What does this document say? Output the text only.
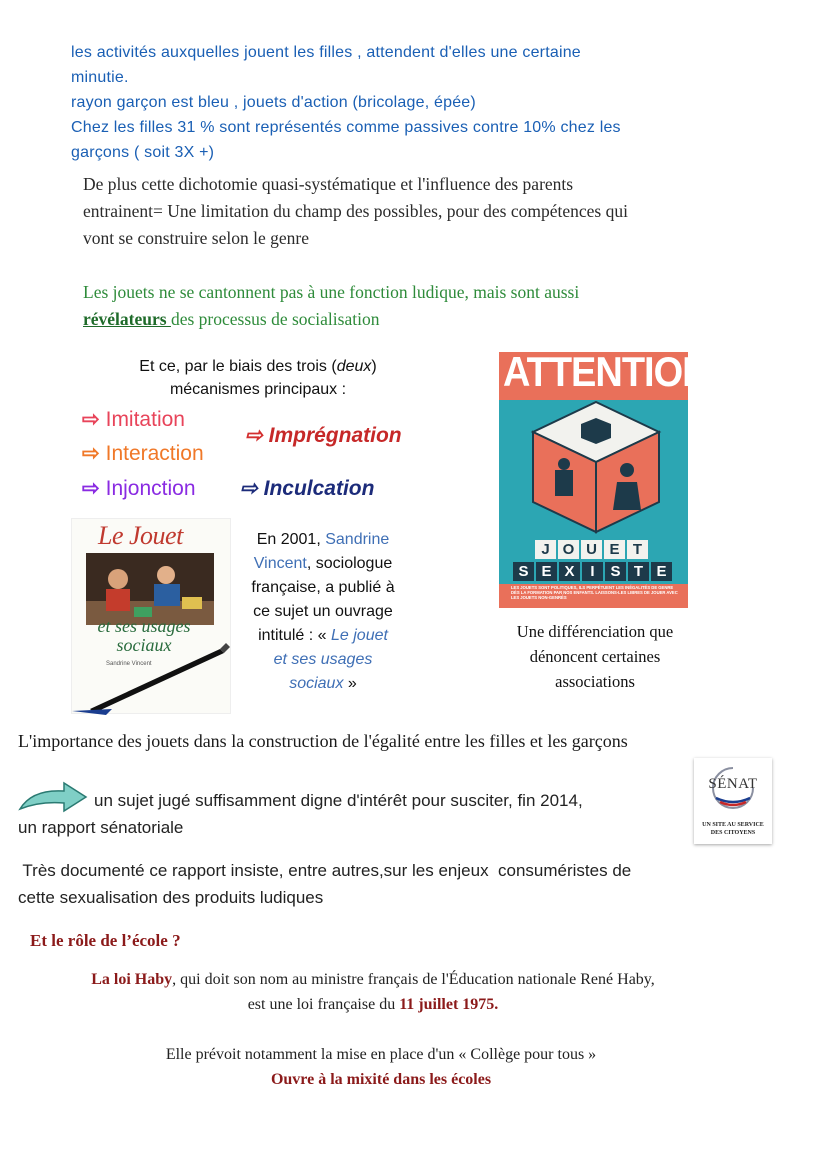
les activités auxquelles jouent les filles , attendent d'elles une certaine
minutie.
rayon garçon est bleu , jouets d'action (bricolage, épée)
Chez les filles 31 % sont représentés comme passives contre 10% chez les
garçons ( soit 3X +)
De plus cette dichotomie quasi-systématique et l'influence des parents
entrainent= Une limitation du champ des possibles, pour des compétences qui
vont se construire selon le genre
Les jouets ne se cantonnent pas à une fonction ludique, mais sont aussi
révélateurs des processus de socialisation
Et ce, par le biais des trois (deux)
mécanismes principaux :
⇨ Imitation
⇨ Interaction
⇨ Injonction
⇨ Imprégnation
⇨ Inculcation
Le Jouet
et ses usages
sociaux
Sandrine Vincent
En 2001, Sandrine
Vincent, sociologue
française, a publié à
ce sujet un ouvrage
intitulé : « Le jouet
et ses usages
sociaux »
ATTENTION
J O U E T
S E X	I	S T E
LES JOUETS SONT POLITIQUES, ILS PERPÉTUENT LES INÉGALITÉS DE GENRE DÈS LA FORMATION PAR NOS ENFANTS. LAISSONS-LES LIBRES DE JOUER AVEC LES JOUETS NON-GENRÉS
Une différenciation que
dénoncent certaines
associations
L'importance des jouets dans la construction de l'égalité entre les filles et les garçons
un sujet jugé suffisamment digne d'intérêt pour susciter, fin 2014,
un rapport sénatoriale
SÉNAT
UN SITE AU SERVICE
DES CITOYENS
Très documenté ce rapport insiste, entre autres,sur les enjeux  consuméristes de
cette sexualisation des produits ludiques
Et le rôle de l’école ?
La loi Haby, qui doit son nom au ministre français de l'Éducation nationale René Haby,
est une loi française du 11 juillet 1975.
Elle prévoit notamment la mise en place d'un « Collège pour tous »
Ouvre à la mixité dans les écoles
